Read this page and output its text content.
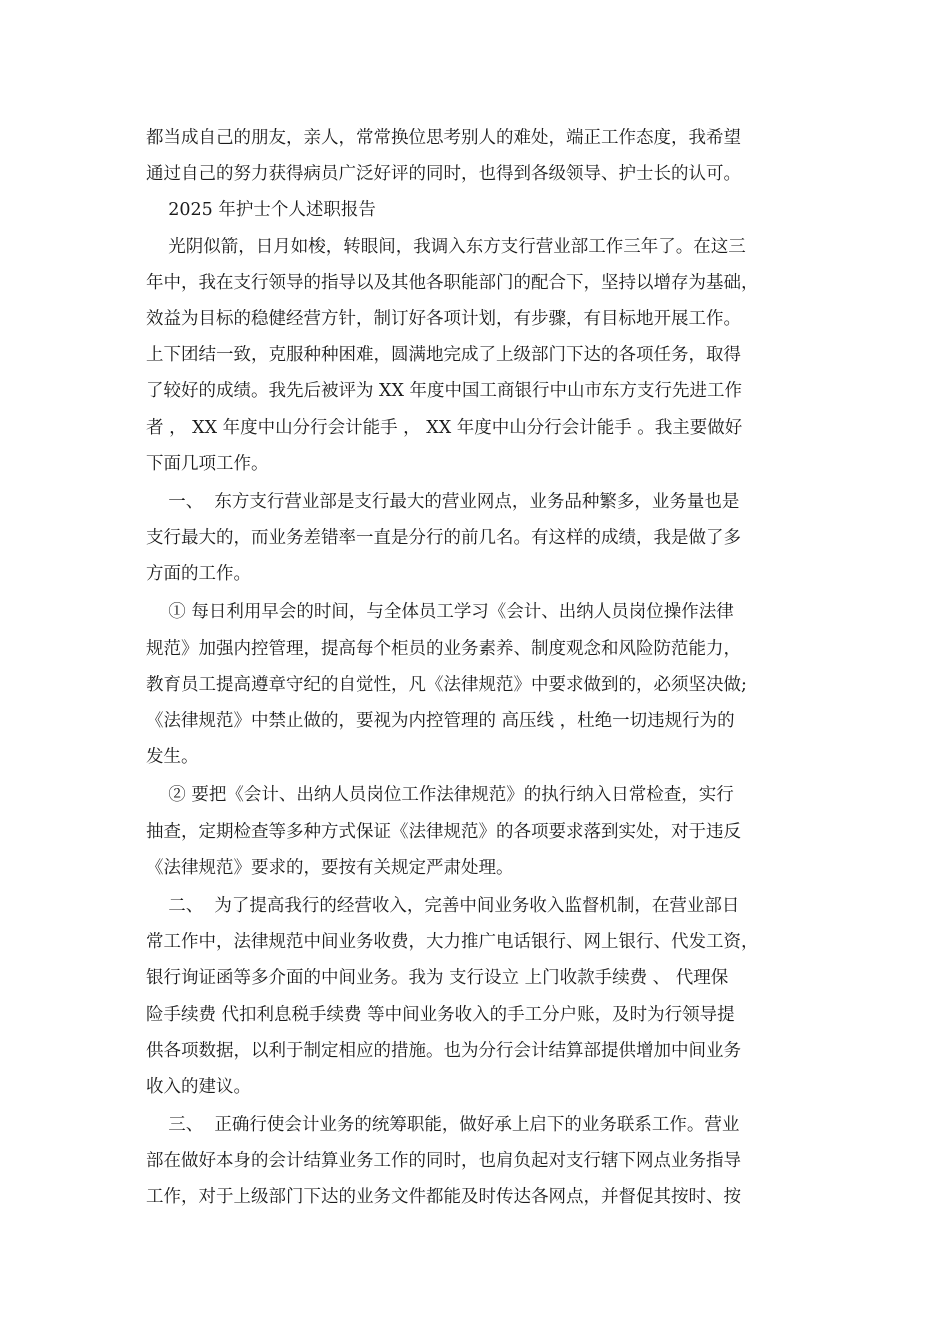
都当成自己的朋友，亲人，常常换位思考别人的难处，端正工作态度，我希望
通过自己的努力获得病员广泛好评的同时，也得到各级领导、护士长的认可。
2025 年护士个人述职报告
光阴似箭，日月如梭，转眼间，我调入东方支行营业部工作三年了。在这三
年中，我在支行领导的指导以及其他各职能部门的配合下，坚持以增存为基础，
效益为目标的稳健经营方针，制订好各项计划，有步骤，有目标地开展工作。
上下团结一致，克服种种困难，圆满地完成了上级部门下达的各项任务，取得
了较好的成绩。我先后被评为 XX 年度中国工商银行中山市东方支行先进工作
者 ， XX 年度中山分行会计能手 ， XX 年度中山分行会计能手 。我主要做好
下面几项工作。
一、  东方支行营业部是支行最大的营业网点，业务品种繁多，业务量也是
支行最大的，而业务差错率一直是分行的前几名。有这样的成绩，我是做了多
方面的工作。
① 每日利用早会的时间，与全体员工学习《会计、出纳人员岗位操作法律
规范》加强内控管理，提高每个柜员的业务素养、制度观念和风险防范能力，
教育员工提高遵章守纪的自觉性，凡《法律规范》中要求做到的，必须坚决做;
《法律规范》中禁止做的，要视为内控管理的 高压线 ，杜绝一切违规行为的
发生。
② 要把《会计、出纳人员岗位工作法律规范》的执行纳入日常检查，实行
抽查，定期检查等多种方式保证《法律规范》的各项要求落到实处，对于违反
《法律规范》要求的，要按有关规定严肃处理。
二、  为了提高我行的经营收入，完善中间业务收入监督机制，在营业部日
常工作中，法律规范中间业务收费，大力推广电话银行、网上银行、代发工资，
银行询证函等多介面的中间业务。我为 支行设立 上门收款手续费 、 代理保
险手续费 代扣利息税手续费 等中间业务收入的手工分户账，及时为行领导提
供各项数据，以利于制定相应的措施。也为分行会计结算部提供增加中间业务
收入的建议。
三、  正确行使会计业务的统筹职能，做好承上启下的业务联系工作。营业
部在做好本身的会计结算业务工作的同时，也肩负起对支行辖下网点业务指导
工作，对于上级部门下达的业务文件都能及时传达各网点，并督促其按时、按
